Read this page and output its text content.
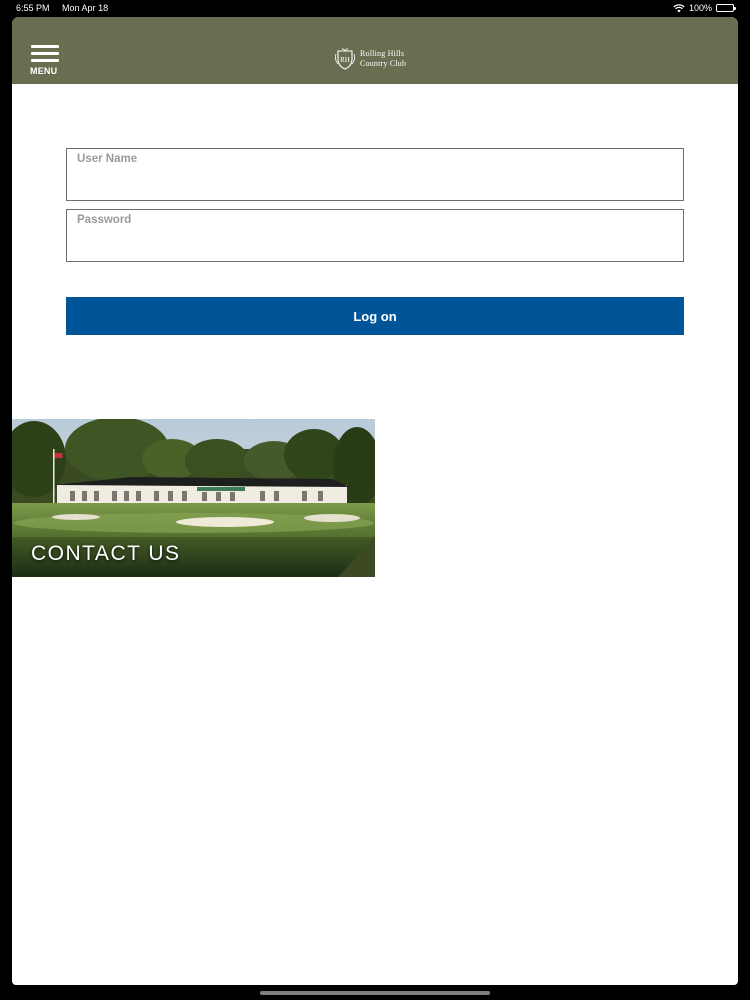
6:55 PM Mon Apr 18	100%
MENU
RH
Rolling Hills
Country Club
User Name
Password
Log on
CONTACT US
